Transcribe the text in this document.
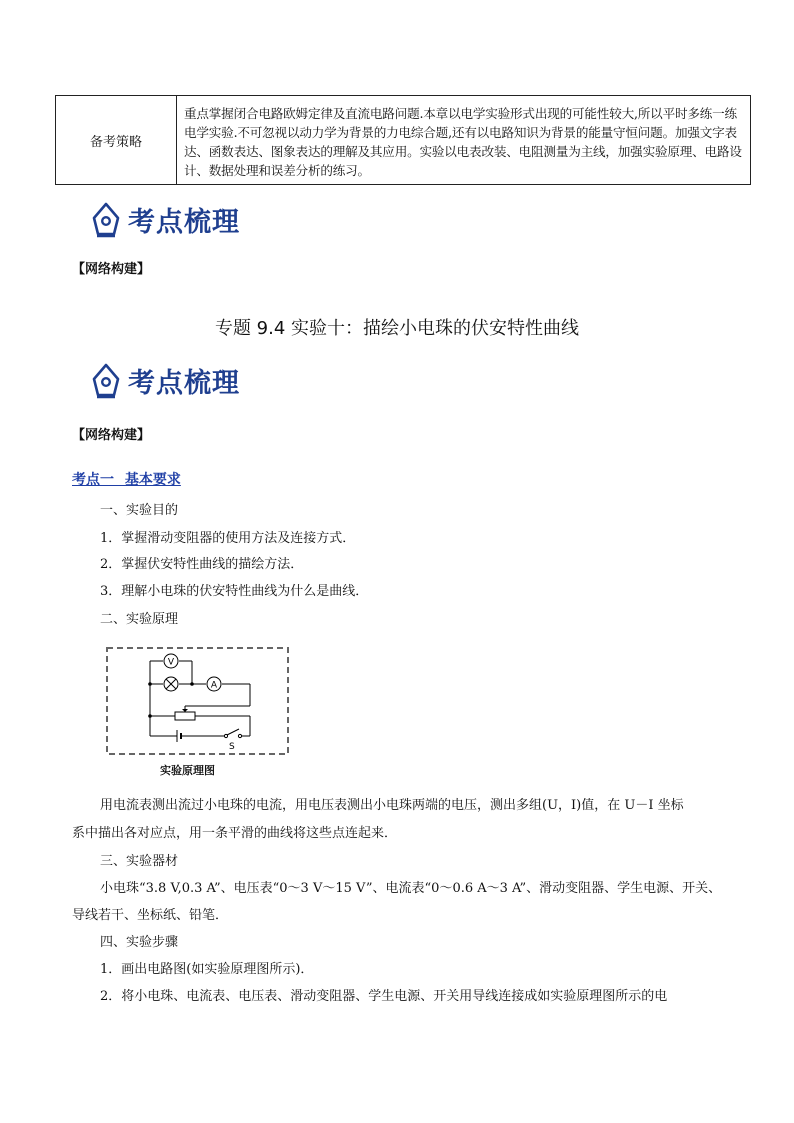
备考策略
重点掌握闭合电路欧姆定律及直流电路问题.本章以电学实验形式出现的可能性较大,所以平时多练一练电学实验.不可忽视以动力学为背景的力电综合题,还有以电路知识为背景的能量守恒问题。加强文字表达、函数表达、图象表达的理解及其应用。实验以电表改装、电阻测量为主线，加强实验原理、电路设计、数据处理和误差分析的练习。
考点梳理
【网络构建】
专题 9.4 实验十：描绘小电珠的伏安特性曲线
考点梳理
【网络构建】
考点一 基本要求
一、实验目的
1．掌握滑动变阻器的使用方法及连接方式．
2．掌握伏安特性曲线的描绘方法．
3．理解小电珠的伏安特性曲线为什么是曲线．
二、实验原理
V
A
S
实验原理图
用电流表测出流过小电珠的电流，用电压表测出小电珠两端的电压，测出多组(U，I)值，在 U－I 坐标
系中描出各对应点，用一条平滑的曲线将这些点连起来．
三、实验器材
小电珠“3.8 V,0.3 A”、电压表“0～3 V～15 V”、电流表“0～0.6 A～3 A”、滑动变阻器、学生电源、开关、
导线若干、坐标纸、铅笔．
四、实验步骤
1．画出电路图(如实验原理图所示)．
2．将小电珠、电流表、电压表、滑动变阻器、学生电源、开关用导线连接成如实验原理图所示的电
